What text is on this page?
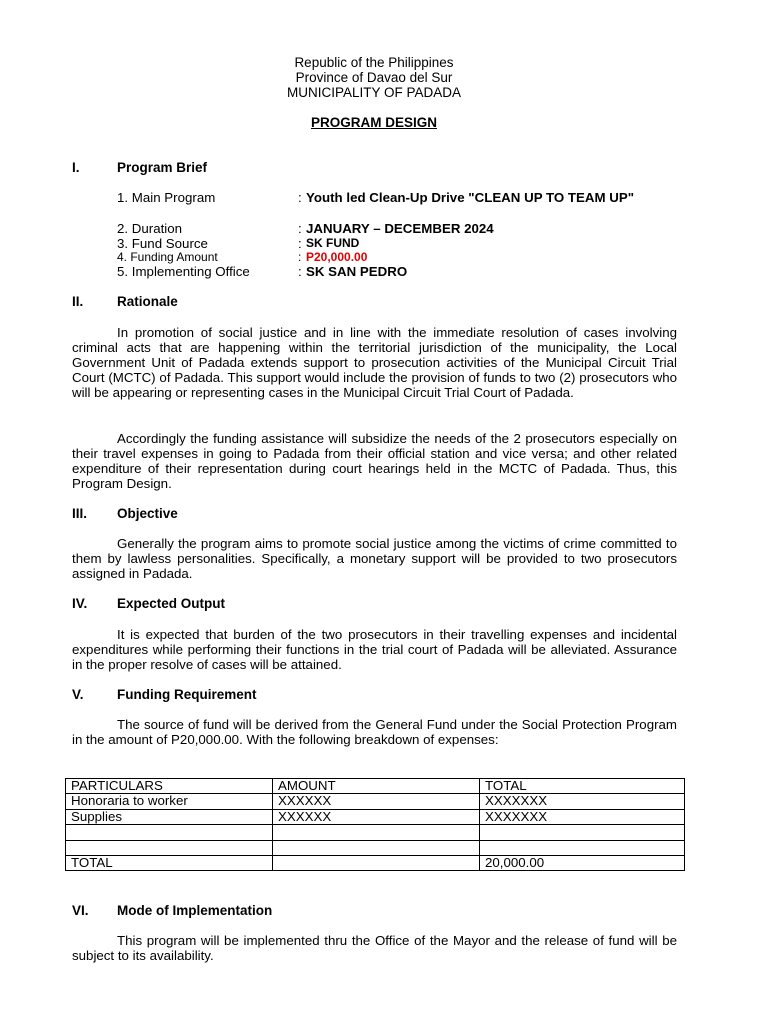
Republic of the Philippines
Province of Davao del Sur
MUNICIPALITY OF PADADA
PROGRAM DESIGN
I.	Program Brief
1. Main Program	: Youth led Clean-Up Drive "CLEAN UP TO TEAM UP"
2. Duration	: JANUARY – DECEMBER 2024
3. Fund Source	: SK FUND
4. Funding Amount	: P20,000.00
5. Implementing Office	: SK SAN PEDRO
II. Rationale
In promotion of social justice and in line with the immediate resolution of cases involving criminal acts that are happening within the territorial jurisdiction of the municipality, the Local Government Unit of Padada extends support to prosecution activities of the Municipal Circuit Trial Court (MCTC) of Padada. This support would include the provision of funds to two (2) prosecutors who will be appearing or representing cases in the Municipal Circuit Trial Court of Padada.
Accordingly the funding assistance will subsidize the needs of the 2 prosecutors especially on their travel expenses in going to Padada from their official station and vice versa; and other related expenditure of their representation during court hearings held in the MCTC of Padada. Thus, this Program Design.
III. Objective
Generally the program aims to promote social justice among the victims of crime committed to them by lawless personalities. Specifically, a monetary support will be provided to two prosecutors assigned in Padada.
IV. Expected Output
It is expected that burden of the two prosecutors in their travelling expenses and incidental expenditures while performing their functions in the trial court of Padada will be alleviated. Assurance in the proper resolve of cases will be attained.
V. Funding Requirement
The source of fund will be derived from the General Fund under the Social Protection Program in the amount of P20,000.00. With the following breakdown of expenses:
PARTICULARS	AMOUNT	TOTAL
Honoraria to worker	XXXXXX	XXXXXXX
Supplies	XXXXXX	XXXXXXX

TOTAL		20,000.00
VI. Mode of Implementation
This program will be implemented thru the Office of the Mayor and the release of fund will be subject to its availability.
